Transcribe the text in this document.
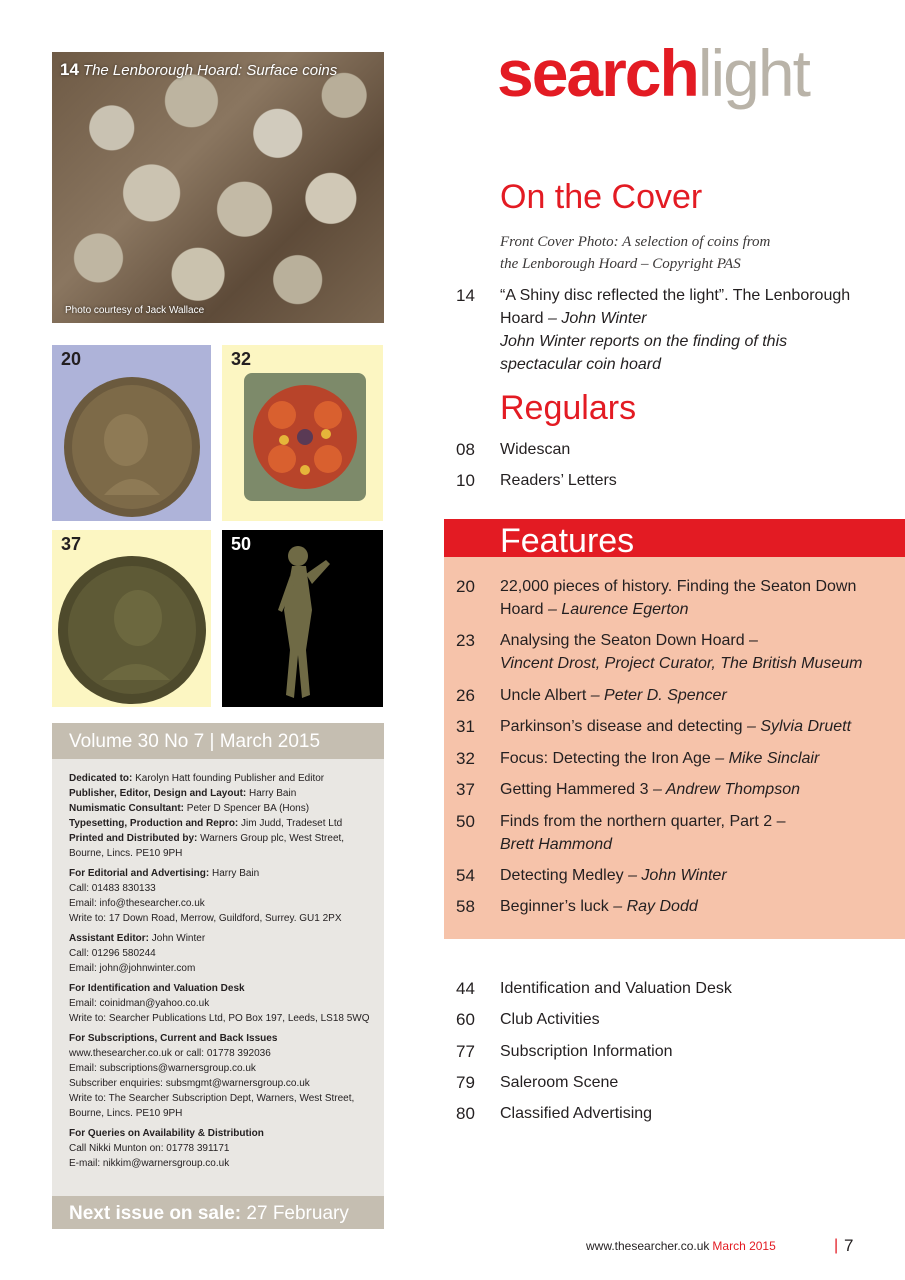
14 The Lenborough Hoard: Surface coins
Photo courtesy of Jack Wallace
20	32
37	50
Volume 30 No 7 | March 2015
Dedicated to: Karolyn Hatt founding Publisher and Editor
Publisher, Editor, Design and Layout: Harry Bain
Numismatic Consultant: Peter D Spencer BA (Hons)
Typesetting, Production and Repro: Jim Judd, Tradeset Ltd
Printed and Distributed by: Warners Group plc, West Street,
Bourne, Lincs. PE10 9PH
For Editorial and Advertising: Harry Bain
Call: 01483 830133
Email: info@thesearcher.co.uk
Write to: 17 Down Road, Merrow, Guildford, Surrey. GU1 2PX
Assistant Editor: John Winter
Call: 01296 580244
Email: john@johnwinter.com
For Identification and Valuation Desk
Email: coinidman@yahoo.co.uk
Write to: Searcher Publications Ltd, PO Box 197, Leeds, LS18 5WQ
For Subscriptions, Current and Back Issues
www.thesearcher.co.uk or call: 01778 392036
Email: subscriptions@warnersgroup.co.uk
Subscriber enquiries: subsmgmt@warnersgroup.co.uk
Write to: The Searcher Subscription Dept, Warners, West Street,
Bourne, Lincs. PE10 9PH
For Queries on Availability & Distribution
Call Nikki Munton on: 01778 391171
E-mail: nikkim@warnersgroup.co.uk
Next issue on sale: 27 February
searchlight
On the Cover
Front Cover Photo: A selection of coins from
the Lenborough Hoard – Copyright PAS
14	“A Shiny disc reflected the light”. The Lenborough Hoard – John Winter
John Winter reports on the finding of this spectacular coin hoard
Regulars
08	Widescan
10	Readers’ Letters
Features
20	22,000 pieces of history. Finding the Seaton Down Hoard – Laurence Egerton
23	Analysing the Seaton Down Hoard –
Vincent Drost, Project Curator, The British Museum
26	Uncle Albert – Peter D. Spencer
31	Parkinson’s disease and detecting – Sylvia Druett
32	Focus: Detecting the Iron Age – Mike Sinclair
37	Getting Hammered 3 – Andrew Thompson
50	Finds from the northern quarter, Part 2 –
Brett Hammond
54	Detecting Medley – John Winter
58	Beginner’s luck – Ray Dodd
44	Identification and Valuation Desk
60	Club Activities
77	Subscription Information
79	Saleroom Scene
80	Classified Advertising
www.thesearcher.co.uk March 2015	| 7
